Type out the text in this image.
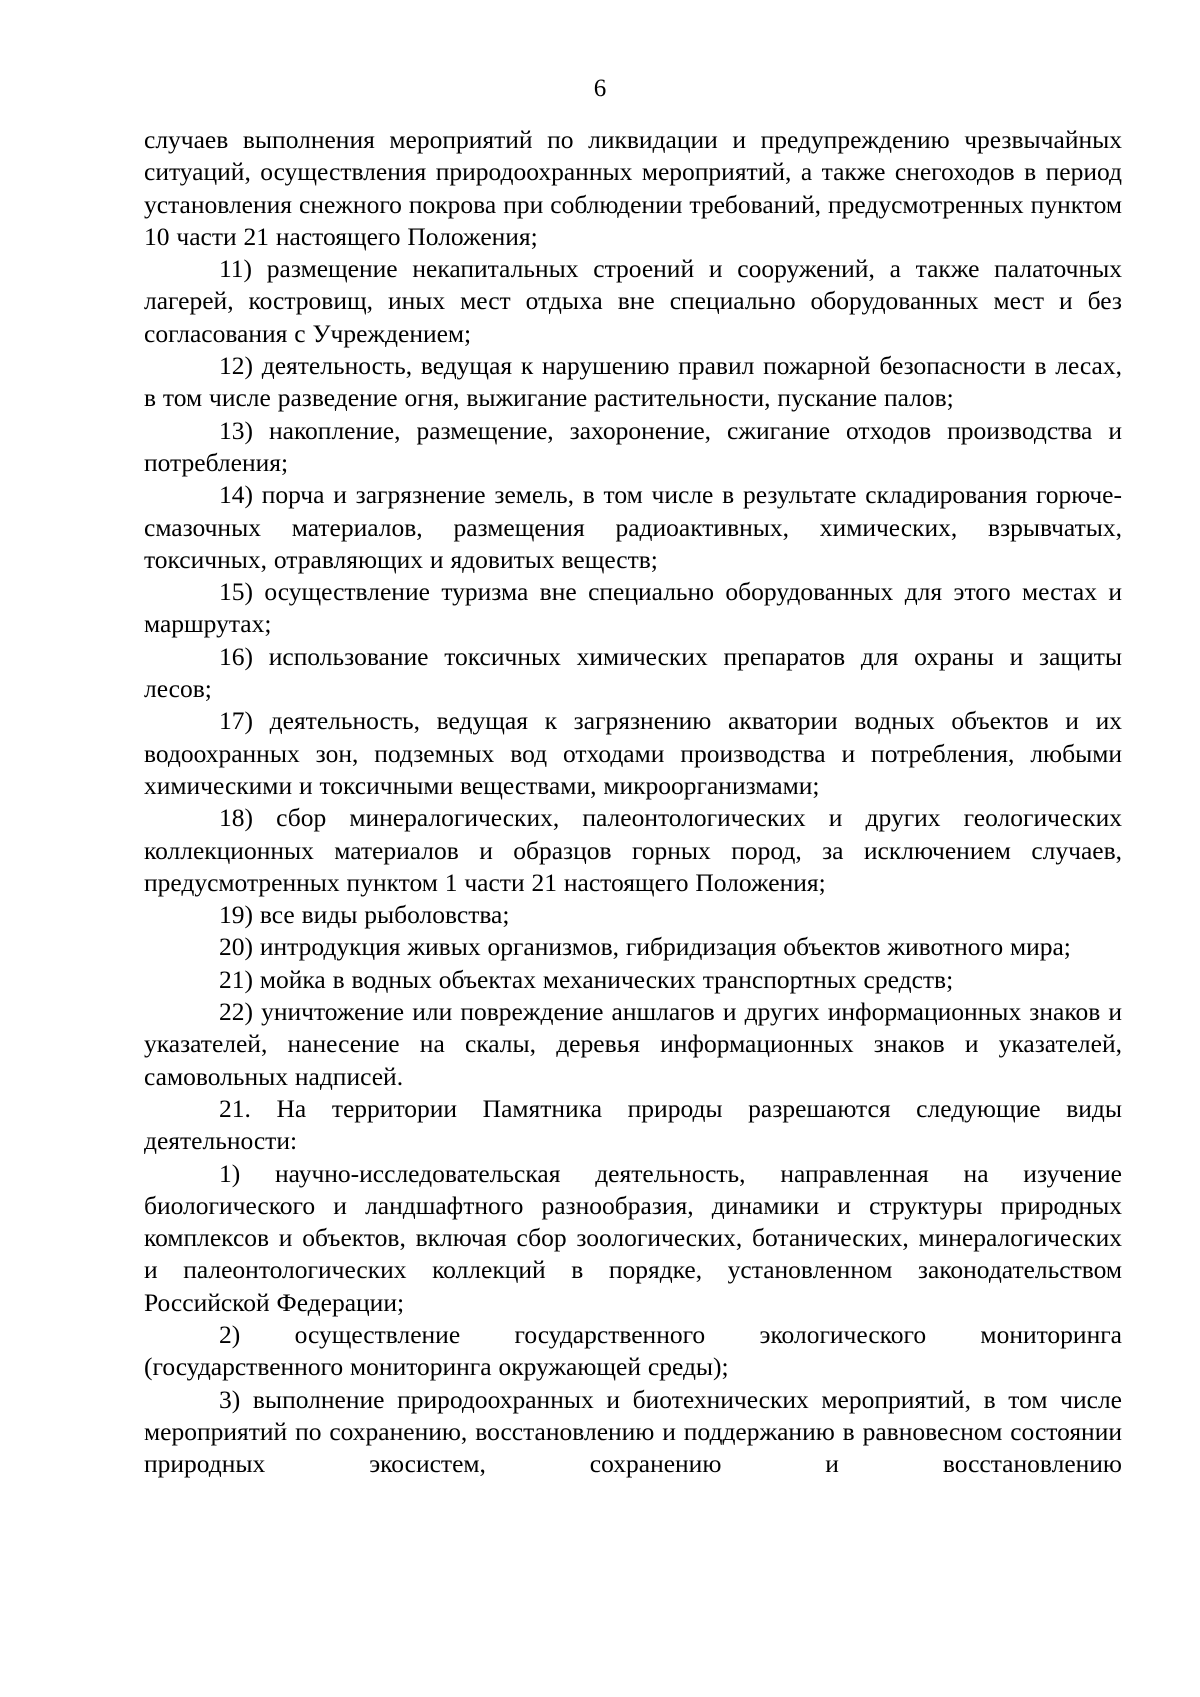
6

случаев выполнения мероприятий по ликвидации и предупреждению чрезвычайных ситуаций, осуществления природоохранных мероприятий, а также снегоходов в период установления снежного покрова при соблюдении требований, предусмотренных пунктом 10 части 21 настоящего Положения;

11) размещение некапитальных строений и сооружений, а также палаточных лагерей, костровищ, иных мест отдыха вне специально оборудованных мест и без согласования с Учреждением;

12) деятельность, ведущая к нарушению правил пожарной безопасности в лесах, в том числе разведение огня, выжигание растительности, пускание палов;

13) накопление, размещение, захоронение, сжигание отходов производства и потребления;

14) порча и загрязнение земель, в том числе в результате складирования горюче-смазочных материалов, размещения радиоактивных, химических, взрывчатых, токсичных, отравляющих и ядовитых веществ;

15) осуществление туризма вне специально оборудованных для этого местах и маршрутах;

16) использование токсичных химических препаратов для охраны и защиты лесов;

17) деятельность, ведущая к загрязнению акватории водных объектов и их водоохранных зон, подземных вод отходами производства и потребления, любыми химическими и токсичными веществами, микроорганизмами;

18) сбор минералогических, палеонтологических и других геологических коллекционных материалов и образцов горных пород, за исключением случаев, предусмотренных пунктом 1 части 21 настоящего Положения;

19) все виды рыболовства;

20) интродукция живых организмов, гибридизация объектов животного мира;

21) мойка в водных объектах механических транспортных средств;

22) уничтожение или повреждение аншлагов и других информационных знаков и указателей, нанесение на скалы, деревья информационных знаков и указателей, самовольных надписей.

21. На территории Памятника природы разрешаются следующие виды деятельности:

1) научно-исследовательская деятельность, направленная на изучение биологического и ландшафтного разнообразия, динамики и структуры природных комплексов и объектов, включая сбор зоологических, ботанических, минералогических и палеонтологических коллекций в порядке, установленном законодательством Российской Федерации;

2) осуществление государственного экологического мониторинга (государственного мониторинга окружающей среды);

3) выполнение природоохранных и биотехнических мероприятий, в том числе мероприятий по сохранению, восстановлению и поддержанию в равновесном состоянии природных экосистем, сохранению и восстановлению
